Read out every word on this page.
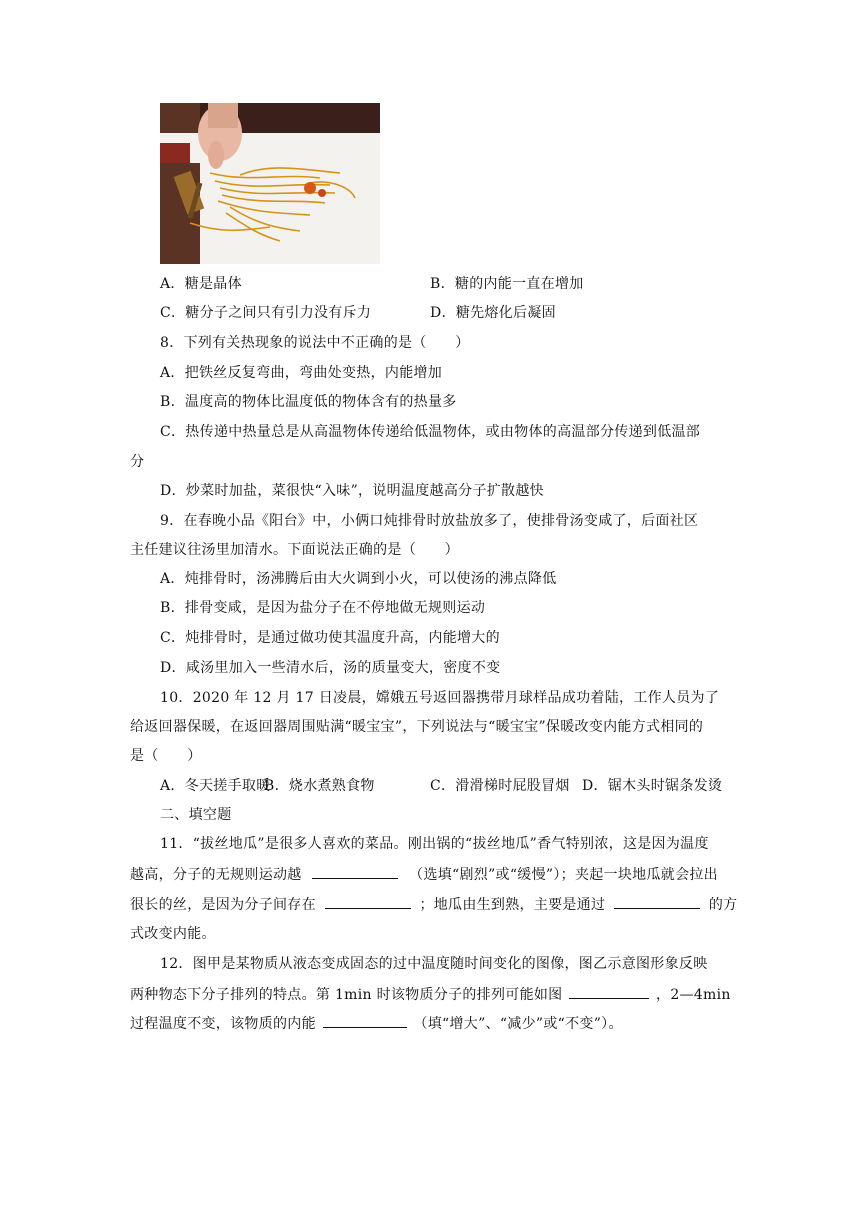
A．糖是晶体	B．糖的内能一直在增加
C．糖分子之间只有引力没有斥力	D．糖先熔化后凝固
8．下列有关热现象的说法中不正确的是（　　）
A．把铁丝反复弯曲，弯曲处变热，内能增加
B．温度高的物体比温度低的物体含有的热量多
C．热传递中热量总是从高温物体传递给低温物体，或由物体的高温部分传递到低温部
分
D．炒菜时加盐，菜很快“入味”，说明温度越高分子扩散越快
9．在春晚小品《阳台》中，小俩口炖排骨时放盐放多了，使排骨汤变咸了，后面社区
主任建议往汤里加清水。下面说法正确的是（　　）
A．炖排骨时，汤沸腾后由大火调到小火，可以使汤的沸点降低
B．排骨变咸，是因为盐分子在不停地做无规则运动
C．炖排骨时，是通过做功使其温度升高，内能增大的
D．咸汤里加入一些清水后，汤的质量变大，密度不变
10．2020 年 12 月 17 日凌晨，嫦娥五号返回器携带月球样品成功着陆，工作人员为了
给返回器保暖，在返回器周围贴满“暖宝宝”，下列说法与“暖宝宝”保暖改变内能方式相同的
是（　　）
A．冬天搓手取暖
B．烧水煮熟食物	C．滑滑梯时屁股冒烟 D．锯木头时锯条发烫
二、填空题
11．“拔丝地瓜”是很多人喜欢的菜品。刚出锅的“拔丝地瓜”香气特别浓，这是因为温度
越高，分子的无规则运动越	（选填“剧烈”或“缓慢”）；夹起一块地瓜就会拉出
很长的丝，是因为分子间存在	；地瓜由生到熟，主要是通过	的方
式改变内能。
12．图甲是某物质从液态变成固态的过中温度随时间变化的图像，图乙示意图形象反映
两种物态下分子排列的特点。第 1min 时该物质分子的排列可能如图	，2—4min
过程温度不变，该物质的内能	（填“增大”、“减少”或“不变”）。
